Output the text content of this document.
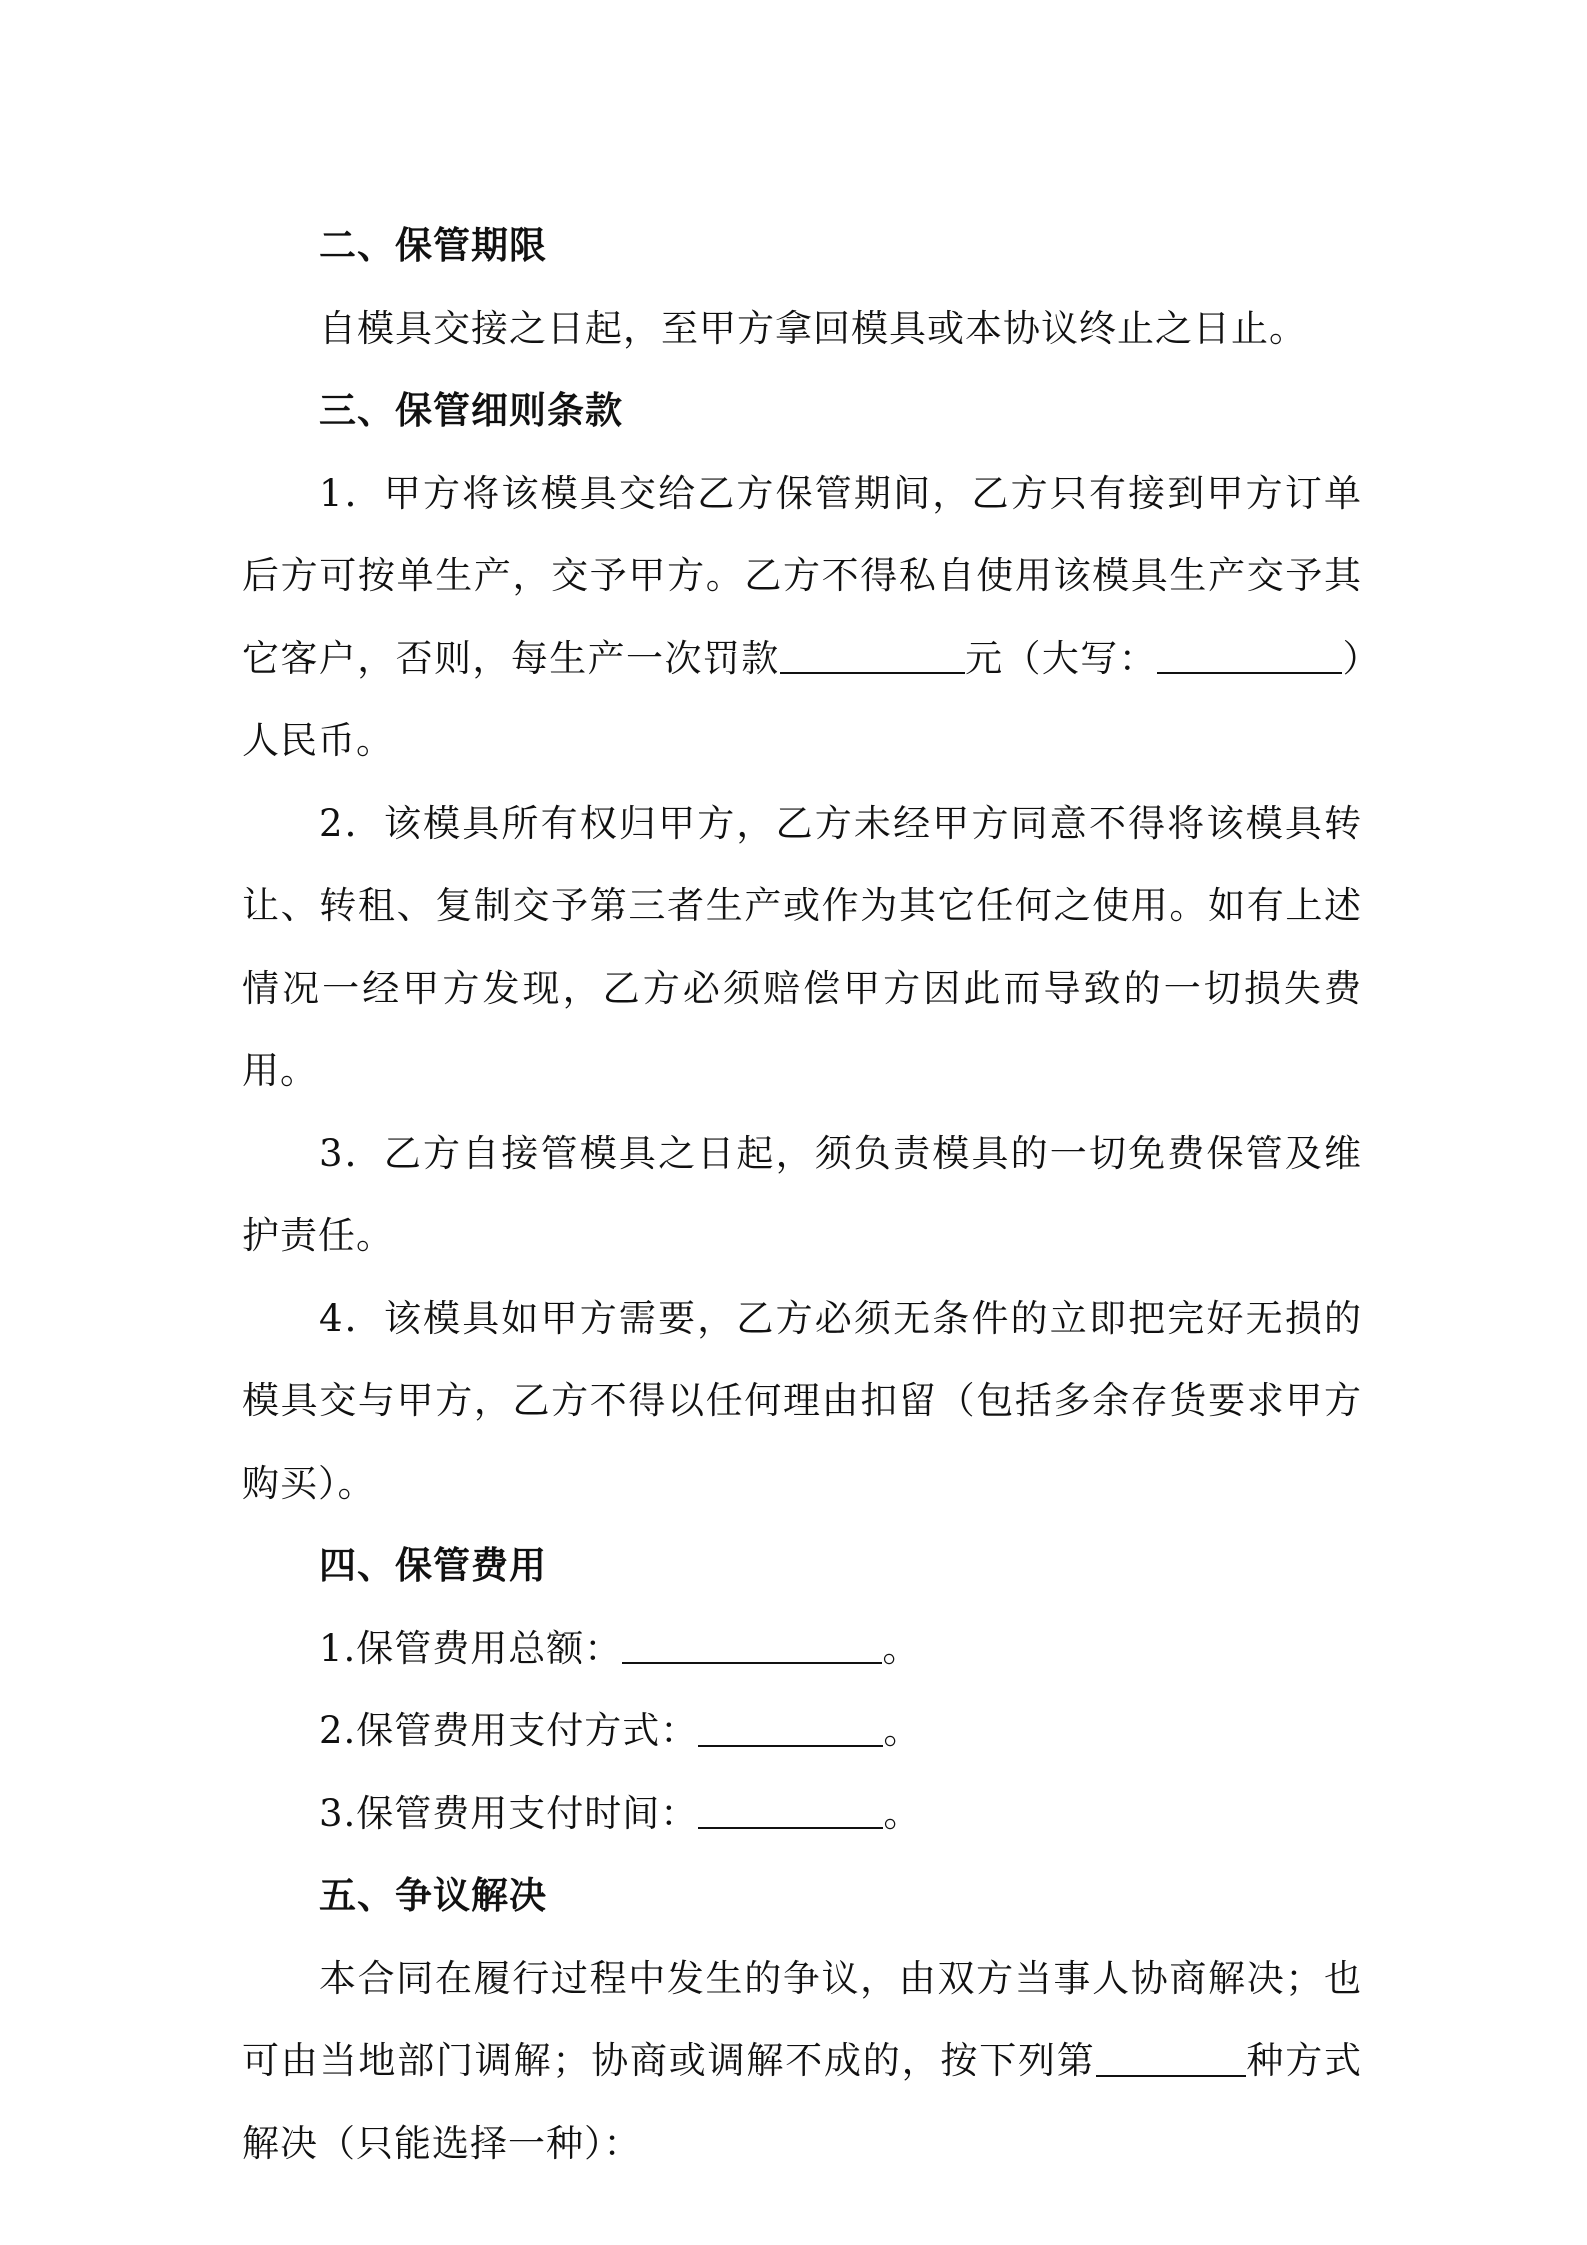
二、保管期限

自模具交接之日起，至甲方拿回模具或本协议终止之日止。

三、保管细则条款

1．甲方将该模具交给乙方保管期间，乙方只有接到甲方订单后方可按单生产，交予甲方。乙方不得私自使用该模具生产交予其它客户，否则，每生产一次罚款	元（大写：	）人民币。

2．该模具所有权归甲方，乙方未经甲方同意不得将该模具转让、转租、复制交予第三者生产或作为其它任何之使用。如有上述情况一经甲方发现，乙方必须赔偿甲方因此而导致的一切损失费用。

3．乙方自接管模具之日起，须负责模具的一切免费保管及维护责任。

4．该模具如甲方需要，乙方必须无条件的立即把完好无损的模具交与甲方，乙方不得以任何理由扣留（包括多余存货要求甲方购买）。

四、保管费用

1.保管费用总额：	。

2.保管费用支付方式：	。

3.保管费用支付时间：	。

五、争议解决

本合同在履行过程中发生的争议，由双方当事人协商解决；也可由当地部门调解；协商或调解不成的，按下列第	种方式解决（只能选择一种）：
